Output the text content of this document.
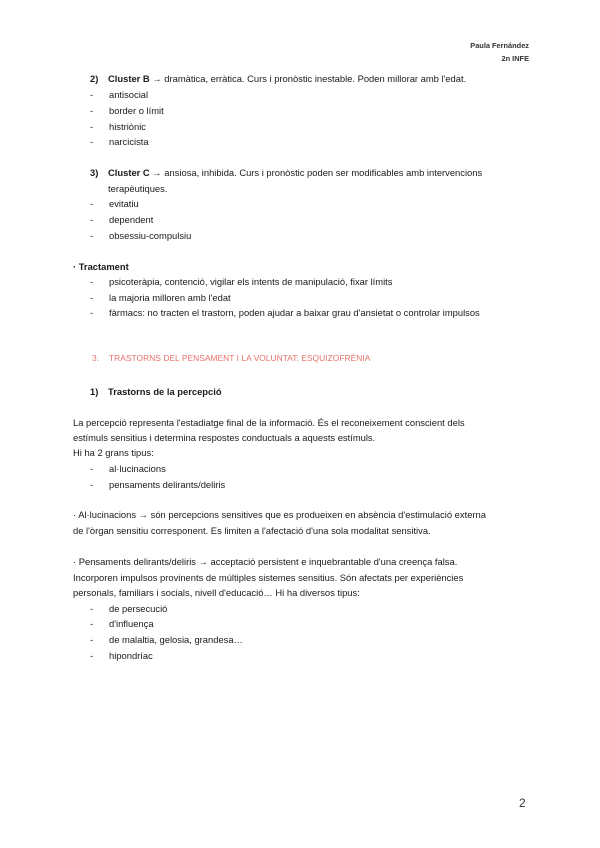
Paula Fernández
2n INFE
2) Cluster B → dramàtica, erràtica. Curs i pronòstic inestable. Poden millorar amb l'edat.
- antisocial
- border o límit
- histriònic
- narcicista
3) Cluster C → ansiosa, inhibida. Curs i pronòstic poden ser modificables amb intervencions
terapèutiques.
- evitatiu
- dependent
- obsessiu-compulsiu
· Tractament
- psicoteràpia, contenció, vigilar els intents de manipulació, fixar límits
- la majoria milloren amb l'edat
- fàrmacs: no tracten el trastorn, poden ajudar a baixar grau d'ansietat o controlar impulsos
3. TRASTORNS DEL PENSAMENT I LA VOLUNTAT: ESQUIZOFRÈNIA
1) Trastorns de la percepció
La percepció representa l'estadiatge final de la informació. És el reconeixement conscient dels
estímuls sensitius i determina respostes conductuals a aquests estímuls.
Hi ha 2 grans tipus:
- al·lucinacions
- pensaments delirants/deliris
· Al·lucinacions → són percepcions sensitives que es produeixen en absència d'estimulació externa
de l'òrgan sensitiu corresponent. Es limiten a l'afectació d'una sola modalitat sensitiva.
· Pensaments delirants/deliris → acceptació persistent e inquebrantable d'una creença falsa.
Incorporen impulsos provinents de múltiples sistemes sensitius. Són afectats per experiències
personals, familiars i socials, nivell d'educació… Hi ha diversos tipus:
- de persecució
- d'influença
- de malaltia, gelosia, grandesa…
- hipondríac
2
